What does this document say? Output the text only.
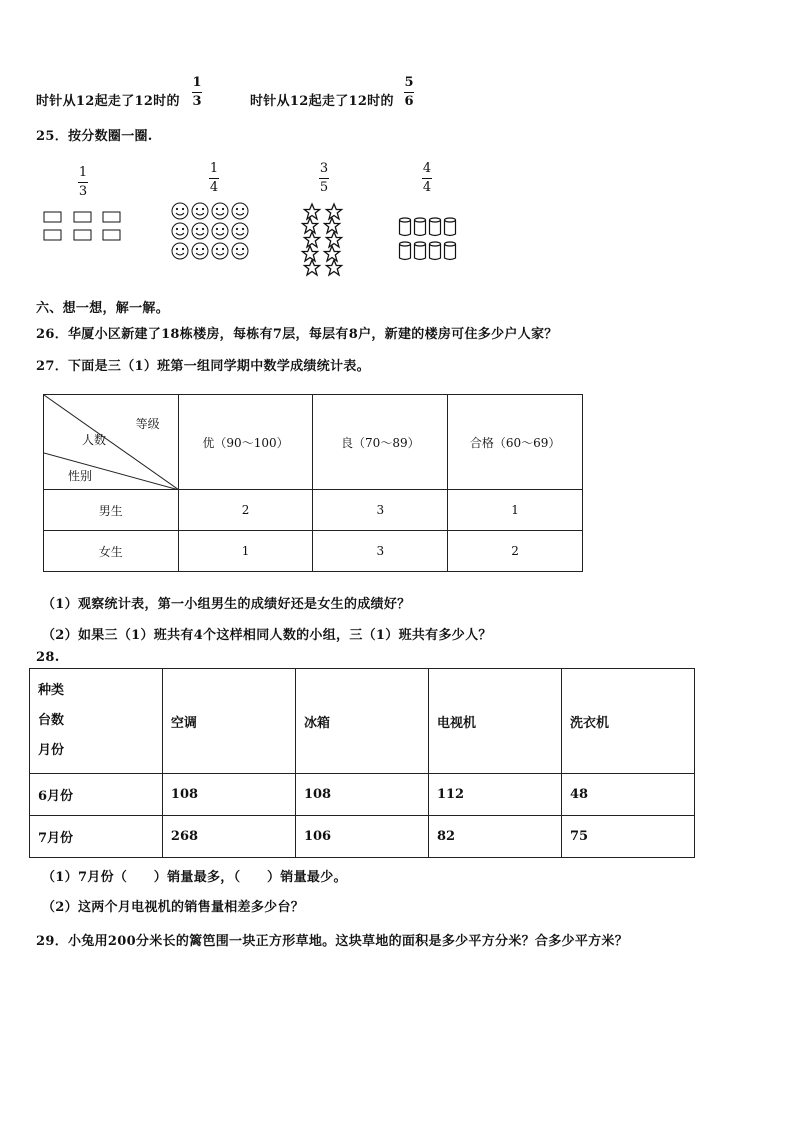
时针从12起走了12时的
1
3	时针从12起走了12时的
5
6
25．按分数圈一圈.
1
3
1
4
3
5
4
4
六、想一想，解一解。
26．华厦小区新建了18栋楼房，每栋有7层，每层有8户，新建的楼房可住多少户人家？
27．下面是三（1）班第一组同学期中数学成绩统计表。
等级
人数
性别	优（90～100）	良（70～89）	合格（60～69）
男生	2	3	1
女生	1	3	2
（1）观察统计表，第一小组男生的成绩好还是女生的成绩好？
（2）如果三（1）班共有4个这样相同人数的小组，三（1）班共有多少人？
28.
种类
台数
月份	空调	冰箱	电视机	洗衣机
6月份	108	108	112	48
7月份	268	106	82	75
（1）7月份（　　）销量最多，（　　）销量最少。
（2）这两个月电视机的销售量相差多少台？
29．小兔用200分米长的篱笆围一块正方形草地。这块草地的面积是多少平方分米？合多少平方米？
